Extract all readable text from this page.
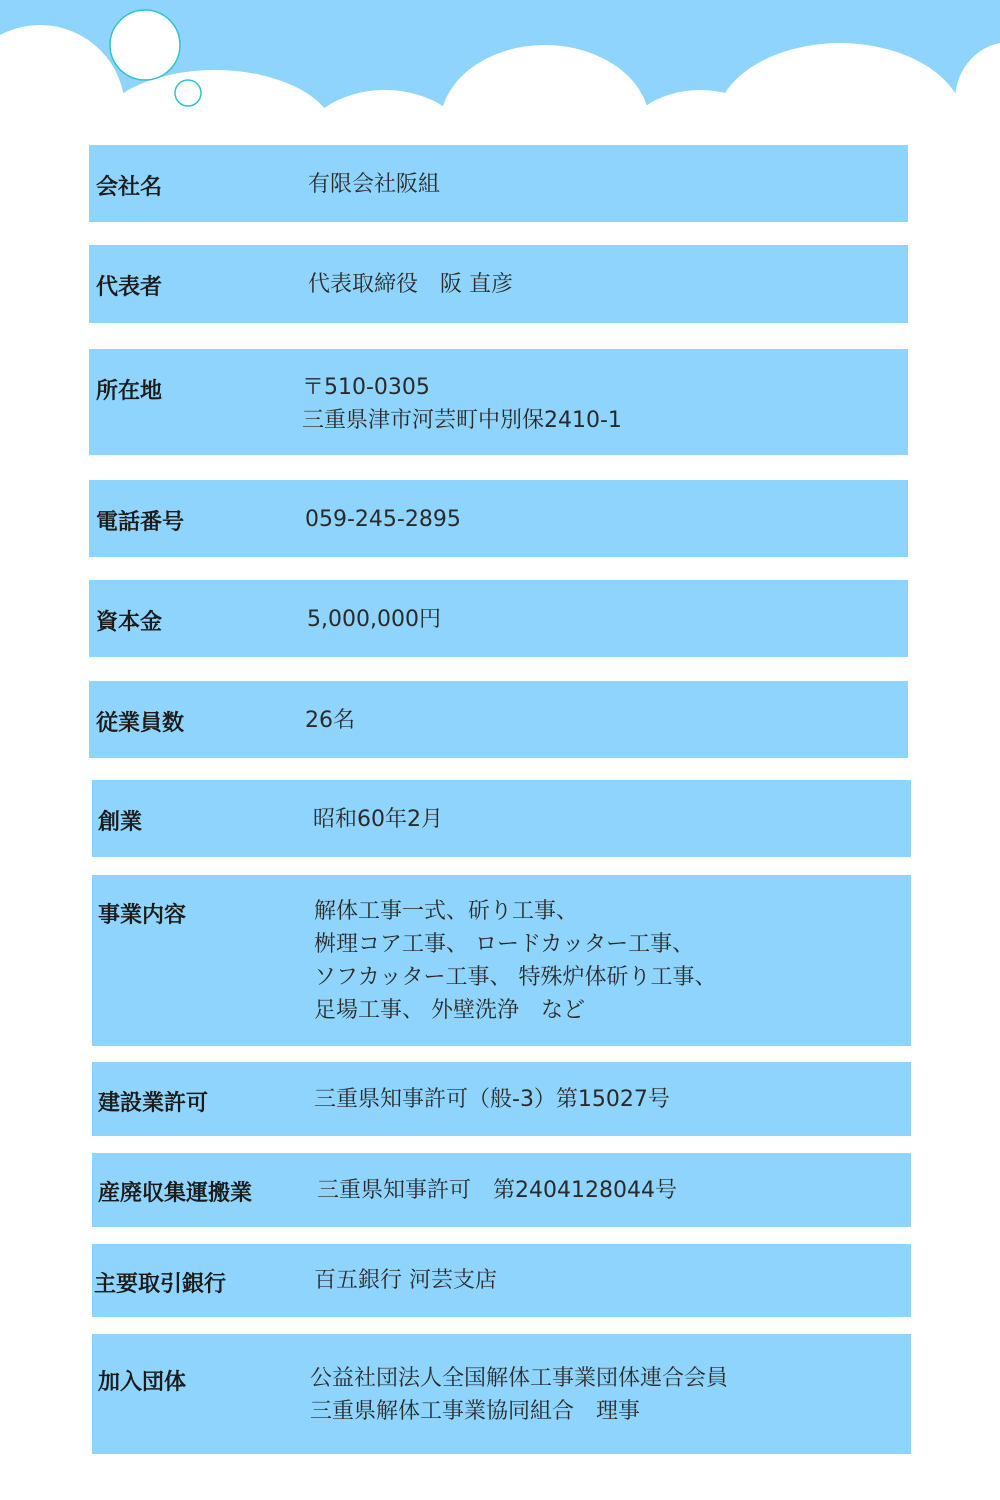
会社名	有限会社阪組
代表者	代表取締役　阪 直彦
所在地	〒510-0305
三重県津市河芸町中別保2410-1
電話番号	059-245-2895
資本金	5,000,000円
従業員数	26名
創業	昭和60年2月
事業内容	解体工事一式、斫り工事、
桝理コア工事、 ロードカッター工事、
ソフカッター工事、 特殊炉体斫り工事、
足場工事、 外壁洗浄　など
建設業許可	三重県知事許可（般-3）第15027号
産廃収集運搬業	三重県知事許可　第2404128044号
主要取引銀行	百五銀行 河芸支店
加入団体	公益社団法人全国解体工事業団体連合会員
三重県解体工事業協同組合　理事
